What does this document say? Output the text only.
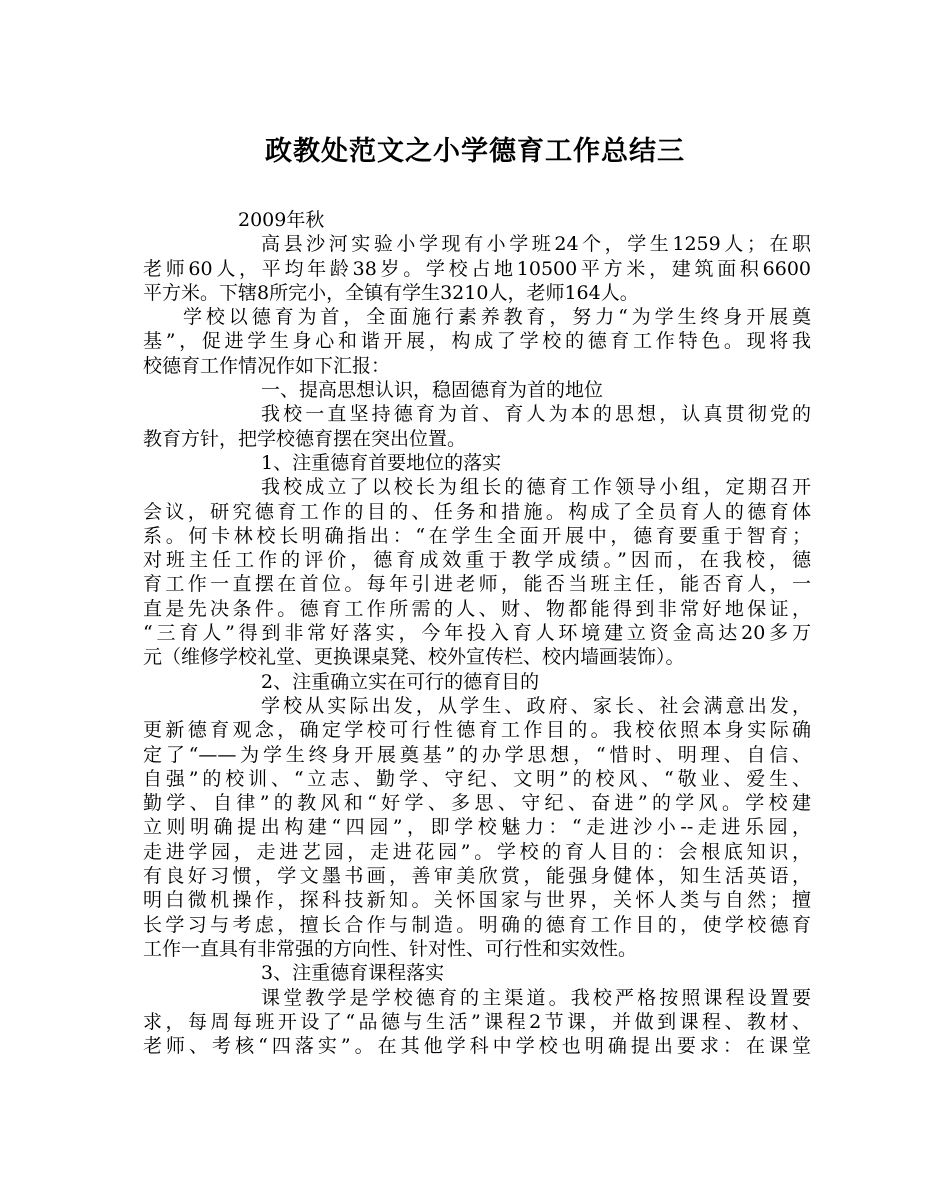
政教处范文之小学德育工作总结三

2009年秋

高县沙河实验小学现有小学班24个，学生1259人；在职

老师60人，平均年龄38岁。学校占地10500平方米，建筑面积6600

平方米。下辖8所完小，全镇有学生3210人，老师164人。

学校以德育为首，全面施行素养教育，努力“为学生终身开展奠

基”，促进学生身心和谐开展，构成了学校的德育工作特色。现将我

校德育工作情况作如下汇报：

一、提高思想认识，稳固德育为首的地位

我校一直坚持德育为首、育人为本的思想，认真贯彻党的

教育方针，把学校德育摆在突出位置。

1、注重德育首要地位的落实

我校成立了以校长为组长的德育工作领导小组，定期召开

会议，研究德育工作的目的、任务和措施。构成了全员育人的德育体

系。何卡林校长明确指出：“在学生全面开展中，德育要重于智育；

对班主任工作的评价，德育成效重于教学成绩。”因而，在我校，德

育工作一直摆在首位。每年引进老师，能否当班主任，能否育人，一

直是先决条件。德育工作所需的人、财、物都能得到非常好地保证，

“三育人”得到非常好落实，今年投入育人环境建立资金高达20多万

元（维修学校礼堂、更换课桌凳、校外宣传栏、校内墙画装饰）。

2、注重确立实在可行的德育目的

学校从实际出发，从学生、政府、家长、社会满意出发，

更新德育观念，确定学校可行性德育工作目的。我校依照本身实际确

定了“——为学生终身开展奠基”的办学思想，“惜时、明理、自信、

自强”的校训、“立志、勤学、守纪、文明”的校风、“敬业、爱生、

勤学、自律”的教风和“好学、多思、守纪、奋进”的学风。学校建

立则明确提出构建“四园”，即学校魅力：“走进沙小--走进乐园，

走进学园，走进艺园，走进花园”。学校的育人目的：会根底知识，

有良好习惯，学文墨书画，善审美欣赏，能强身健体，知生活英语，

明白微机操作，探科技新知。关怀国家与世界，关怀人类与自然；擅

长学习与考虑，擅长合作与制造。明确的德育工作目的，使学校德育

工作一直具有非常强的方向性、针对性、可行性和实效性。

3、注重德育课程落实

课堂教学是学校德育的主渠道。我校严格按照课程设置要

求，每周每班开设了“品德与生活”课程2节课，并做到课程、教材、

老师、考核“四落实”。在其他学科中学校也明确提出要求：在课堂
